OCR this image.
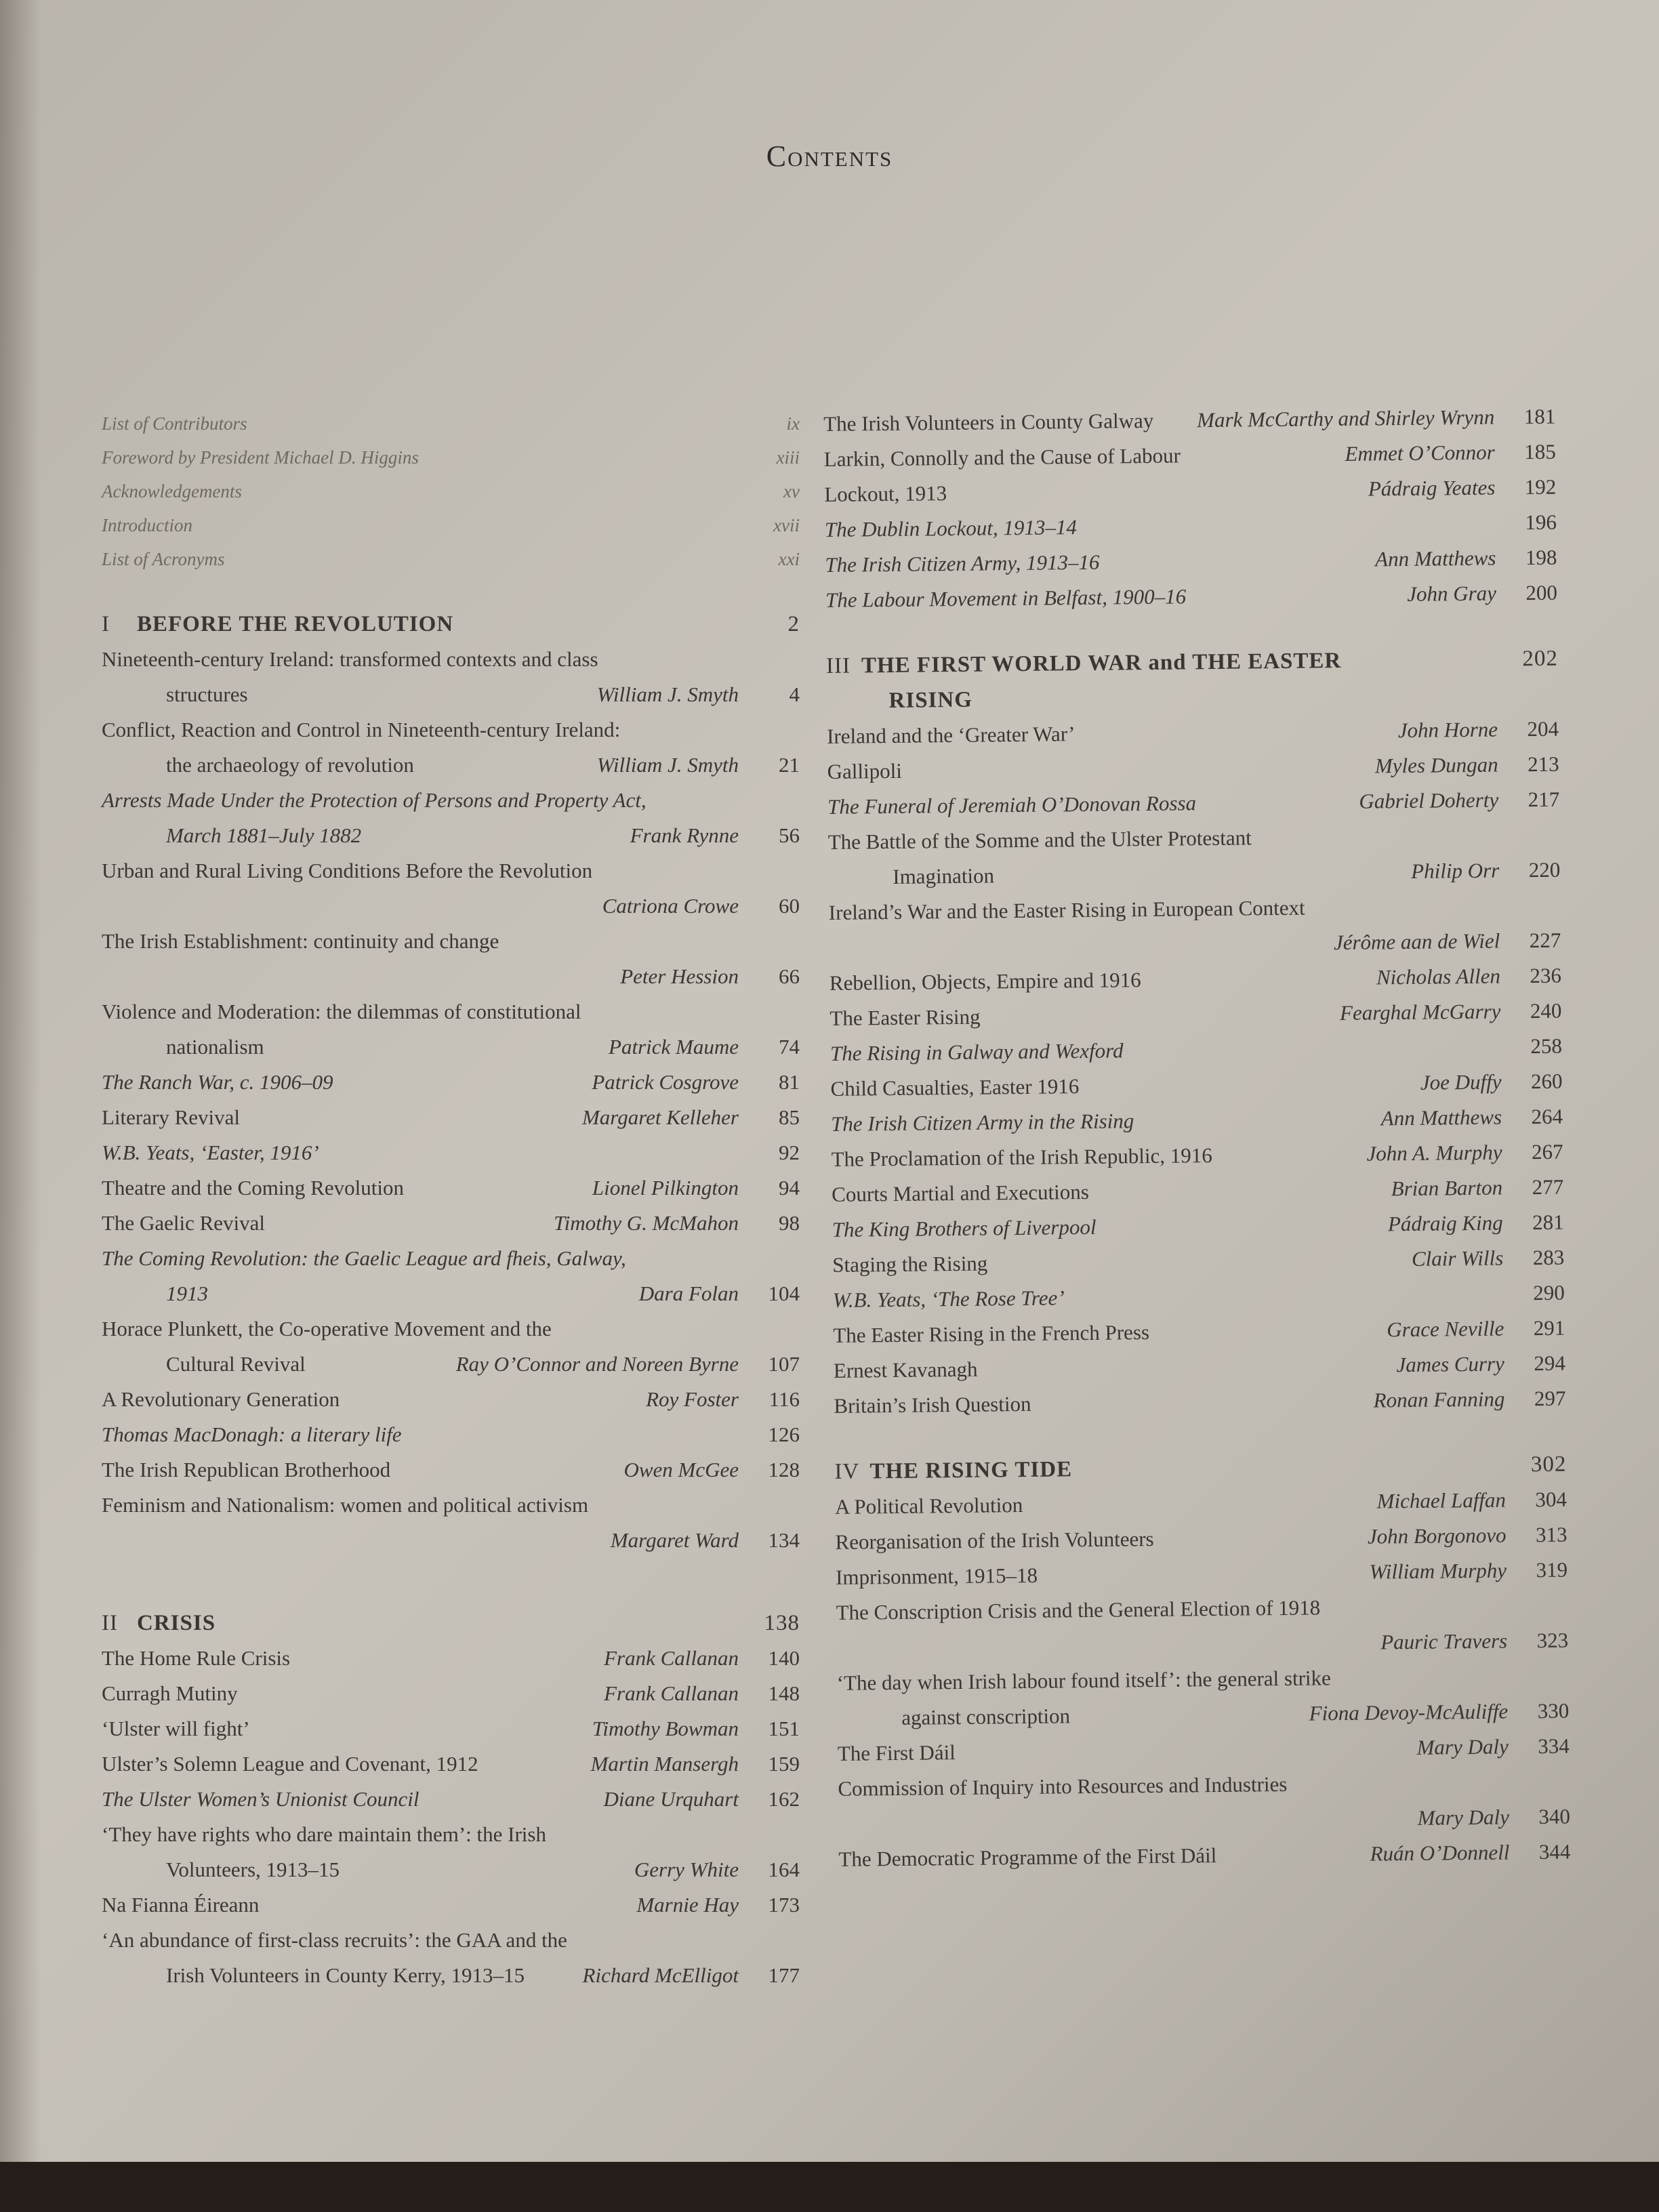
Contents
List of Contributors	ix
Foreword by President Michael D. Higgins	xiii
Acknowledgements	xv
Introduction	xvii
List of Acronyms	xxi
I BEFORE THE REVOLUTION	2
Nineteenth-century Ireland: transformed contexts and class
structures	William J. Smyth	4
Conflict, Reaction and Control in Nineteenth-century Ireland:
the archaeology of revolution	William J. Smyth	21
Arrests Made Under the Protection of Persons and Property Act,
March 1881–July 1882	Frank Rynne	56
Urban and Rural Living Conditions Before the Revolution
Catriona Crowe	60
The Irish Establishment: continuity and change
Peter Hession	66
Violence and Moderation: the dilemmas of constitutional
nationalism	Patrick Maume	74
The Ranch War, c. 1906–09	Patrick Cosgrove	81
Literary Revival	Margaret Kelleher	85
W.B. Yeats, ‘Easter, 1916’	92
Theatre and the Coming Revolution	Lionel Pilkington	94
The Gaelic Revival	Timothy G. McMahon	98
The Coming Revolution: the Gaelic League ard fheis, Galway,
1913	Dara Folan	104
Horace Plunkett, the Co-operative Movement and the
Cultural Revival	Ray O’Connor and Noreen Byrne	107
A Revolutionary Generation	Roy Foster	116
Thomas MacDonagh: a literary life	126
The Irish Republican Brotherhood	Owen McGee	128
Feminism and Nationalism: women and political activism
Margaret Ward	134
II CRISIS	138
The Home Rule Crisis	Frank Callanan	140
Curragh Mutiny	Frank Callanan	148
‘Ulster will fight’	Timothy Bowman	151
Ulster’s Solemn League and Covenant, 1912	Martin Mansergh	159
The Ulster Women’s Unionist Council	Diane Urquhart	162
‘They have rights who dare maintain them’: the Irish
Volunteers, 1913–15	Gerry White	164
Na Fianna Éireann	Marnie Hay	173
‘An abundance of first-class recruits’: the GAA and the
Irish Volunteers in County Kerry, 1913–15	Richard McElligot	177
The Irish Volunteers in County Galway	Mark McCarthy and Shirley Wrynn	181
Larkin, Connolly and the Cause of Labour	Emmet O’Connor	185
Lockout, 1913	Pádraig Yeates	192
The Dublin Lockout, 1913–14	196
The Irish Citizen Army, 1913–16	Ann Matthews	198
The Labour Movement in Belfast, 1900–16	John Gray	200
III THE FIRST WORLD WAR and THE EASTER	202
RISING
Ireland and the ‘Greater War’	John Horne	204
Gallipoli	Myles Dungan	213
The Funeral of Jeremiah O’Donovan Rossa	Gabriel Doherty	217
The Battle of the Somme and the Ulster Protestant
Imagination	Philip Orr	220
Ireland’s War and the Easter Rising in European Context
Jérôme aan de Wiel	227
Rebellion, Objects, Empire and 1916	Nicholas Allen	236
The Easter Rising	Fearghal McGarry	240
The Rising in Galway and Wexford	258
Child Casualties, Easter 1916	Joe Duffy	260
The Irish Citizen Army in the Rising	Ann Matthews	264
The Proclamation of the Irish Republic, 1916	John A. Murphy	267
Courts Martial and Executions	Brian Barton	277
The King Brothers of Liverpool	Pádraig King	281
Staging the Rising	Clair Wills	283
W.B. Yeats, ‘The Rose Tree’	290
The Easter Rising in the French Press	Grace Neville	291
Ernest Kavanagh	James Curry	294
Britain’s Irish Question	Ronan Fanning	297
IV THE RISING TIDE	302
A Political Revolution	Michael Laffan	304
Reorganisation of the Irish Volunteers	John Borgonovo	313
Imprisonment, 1915–18	William Murphy	319
The Conscription Crisis and the General Election of 1918
Pauric Travers	323
‘The day when Irish labour found itself’: the general strike
against conscription	Fiona Devoy-McAuliffe	330
The First Dáil	Mary Daly	334
Commission of Inquiry into Resources and Industries
Mary Daly	340
The Democratic Programme of the First Dáil	Ruán O’Donnell	344
